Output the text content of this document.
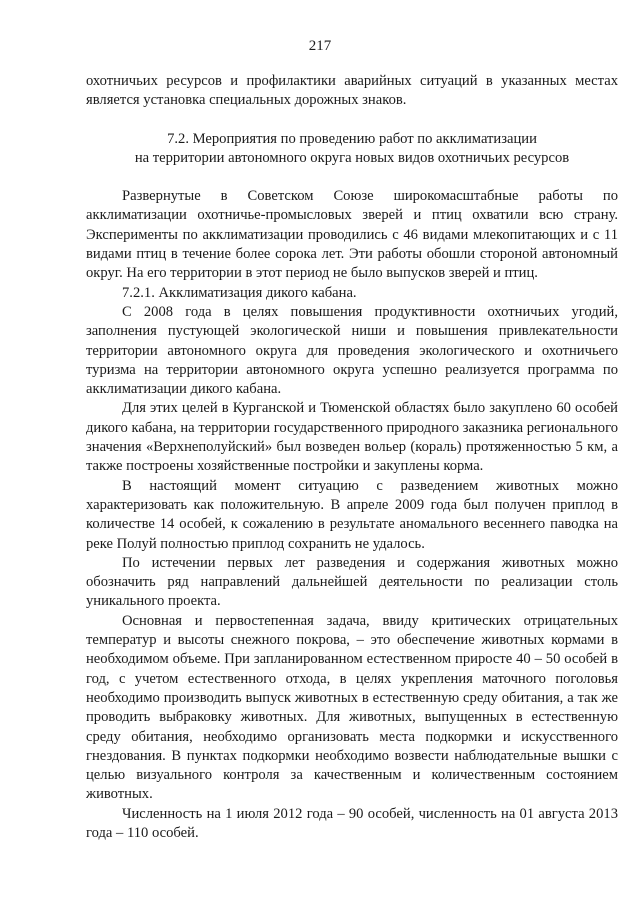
217

охотничьих ресурсов и профилактики аварийных ситуаций в указанных местах является установка специальных дорожных знаков.

7.2. Мероприятия по проведению работ по акклиматизации
на территории автономного округа новых видов охотничьих ресурсов

Развернутые в Советском Союзе широкомасштабные работы по акклиматизации охотничье-промысловых зверей и птиц охватили всю страну. Эксперименты по акклиматизации проводились с 46 видами млекопитающих и с 11 видами птиц в течение более сорока лет. Эти работы обошли стороной автономный округ. На его территории в этот период не было выпусков зверей и птиц.

7.2.1. Акклиматизация дикого кабана.

С 2008 года в целях повышения продуктивности охотничьих угодий, заполнения пустующей экологической ниши и повышения привлекательности территории автономного округа для проведения экологического и охотничьего туризма на территории автономного округа успешно реализуется программа по акклиматизации дикого кабана.

Для этих целей в Курганской и Тюменской областях было закуплено 60 особей дикого кабана, на территории государственного природного заказника регионального значения «Верхнеполуйский» был возведен вольер (кораль) протяженностью 5 км, а также построены хозяйственные постройки и закуплены корма.

В настоящий момент ситуацию с разведением животных можно характеризовать как положительную. В апреле 2009 года был получен приплод в количестве 14 особей, к сожалению в результате аномального весеннего паводка на реке Полуй полностью приплод сохранить не удалось.

По истечении первых лет разведения и содержания животных можно обозначить ряд направлений дальнейшей деятельности по реализации столь уникального проекта.

Основная и первостепенная задача, ввиду критических отрицательных температур и высоты снежного покрова, – это обеспечение животных кормами в необходимом объеме. При запланированном естественном приросте 40 – 50 особей в год, с учетом естественного отхода, в целях укрепления маточного поголовья необходимо производить выпуск животных в естественную среду обитания, а так же проводить выбраковку животных. Для животных, выпущенных в естественную среду обитания, необходимо организовать места подкормки и искусственного гнездования. В пунктах подкормки необходимо возвести наблюдательные вышки с целью визуального контроля за качественным и количественным состоянием животных.

Численность на 1 июля 2012 года – 90 особей, численность на 01 августа 2013 года – 110 особей.
